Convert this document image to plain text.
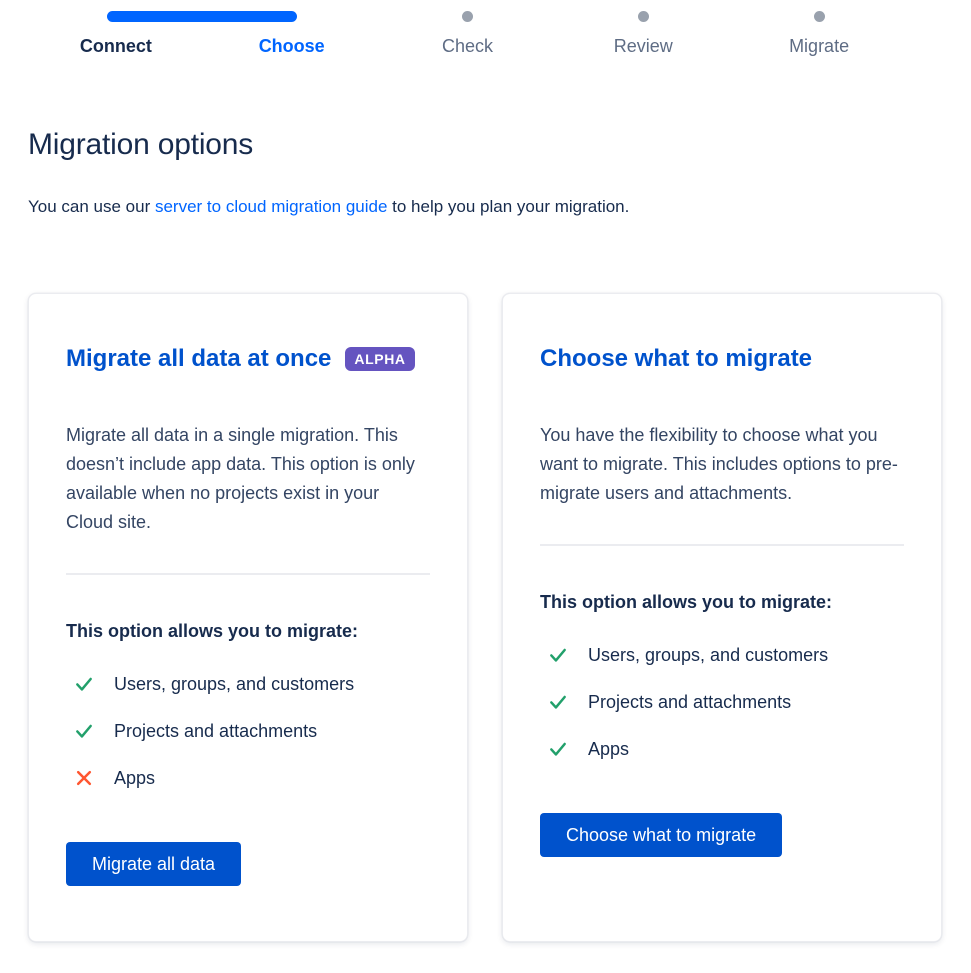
Connect	Choose	Check	Review	Migrate
Migration options

You can use our server to cloud migration guide to help you plan your migration.

Migrate all data at once	ALPHA

Migrate all data in a single migration. This doesn’t include app data. This option is only available when no projects exist in your Cloud site.

This option allows you to migrate:
Users, groups, and customers
Projects and attachments
Apps
Migrate all data
Choose what to migrate

You have the flexibility to choose what you want to migrate. This includes options to pre-migrate users and attachments.

This option allows you to migrate:
Users, groups, and customers
Projects and attachments
Apps
Choose what to migrate
